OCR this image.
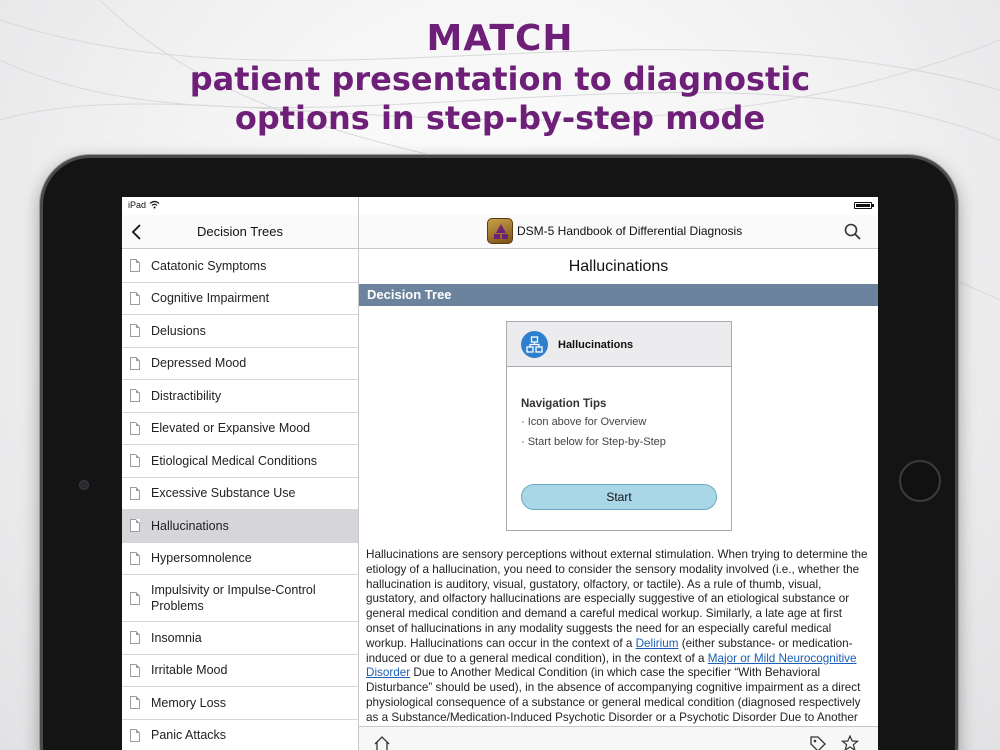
MATCH
patient presentation to diagnostic
options in step-by-step mode
Decision Trees
Catatonic Symptoms
Cognitive Impairment
Delusions
Depressed Mood
Distractibility
Elevated or Expansive Mood
Etiological Medical Conditions
Excessive Substance Use
Hallucinations
Hypersomnolence
Impulsivity or Impulse-Control Problems
Insomnia
Irritable Mood
Memory Loss
Panic Attacks
DSM-5 Handbook of Differential Diagnosis
Hallucinations
Decision Tree
Hallucinations
Navigation Tips
· Icon above for Overview
· Start below for Step-by-Step
Start
Hallucinations are sensory perceptions without external stimulation. When trying to determine the etiology of a hallucination, you need to consider the sensory modality involved (i.e., whether the hallucination is auditory, visual, gustatory, olfactory, or tactile). As a rule of thumb, visual, gustatory, and olfactory hallucinations are especially suggestive of an etiological substance or general medical condition and demand a careful medical workup. Similarly, a late age at first onset of hallucinations in any modality suggests the need for an especially careful medical workup. Hallucinations can occur in the context of a Delirium (either substance- or medication-induced or due to a general medical condition), in the context of a Major or Mild Neurocognitive Disorder Due to Another Medical Condition (in which case the specifier “With Behavioral Disturbance” should be used), in the absence of accompanying cognitive impairment as a direct physiological consequence of a substance or general medical condition (diagnosed respectively as a Substance/Medication-Induced Psychotic Disorder or a Psychotic Disorder Due to Another
iPad
